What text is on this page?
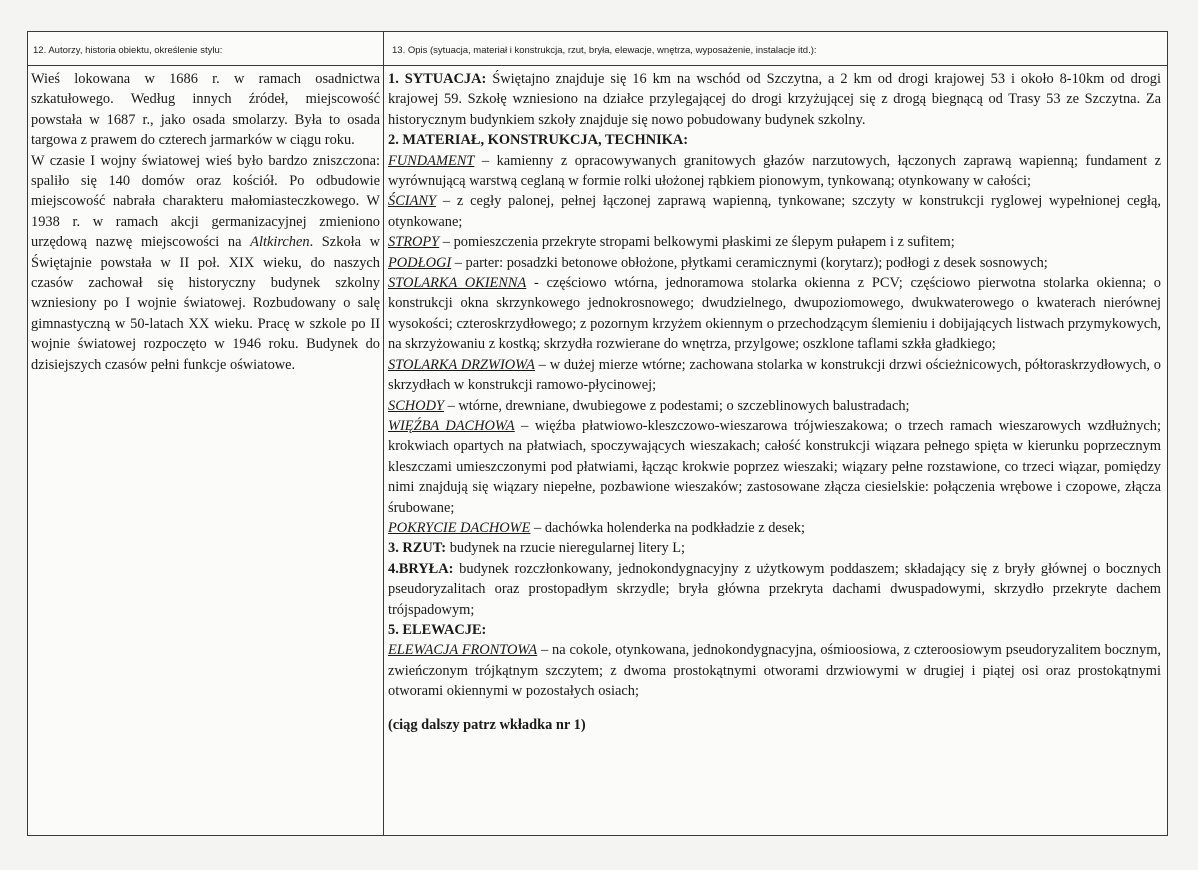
12. Autorzy, historia obiektu, określenie stylu:	13. Opis (sytuacja, materiał i konstrukcja, rzut, bryła, elewacje, wnętrza, wyposażenie, instalacje itd.):

Wieś lokowana w 1686 r. w ramach osadnictwa szkatułowego. Według innych źródeł, miejscowość powstała w 1687 r., jako osada smolarzy. Była to osada targowa z prawem do czterech jarmarków w ciągu roku.

W czasie I wojny światowej wieś było bardzo zniszczona: spaliło się 140 domów oraz kościół. Po odbudowie miejscowość nabrała charakteru małomiasteczkowego. W 1938 r. w ramach akcji germanizacyjnej zmieniono urzędową nazwę miejscowości na Altkirchen. Szkoła w Świętajnie powstała w II poł. XIX wieku, do naszych czasów zachował się historyczny budynek szkolny wzniesiony po I wojnie światowej. Rozbudowany o salę gimnastyczną w 50-latach XX wieku. Pracę w szkole po II wojnie światowej rozpoczęto w 1946 roku. Budynek do dzisiejszych czasów pełni funkcje oświatowe.

1. SYTUACJA: Świętajno znajduje się 16 km na wschód od Szczytna, a 2 km od drogi krajowej 53 i około 8-10km od drogi krajowej 59. Szkołę wzniesiono na działce przylegającej do drogi krzyżującej się z drogą biegnącą od Trasy 53 ze Szczytna. Za historycznym budynkiem szkoły znajduje się nowo pobudowany budynek szkolny.

2. MATERIAŁ, KONSTRUKCJA, TECHNIKA:

FUNDAMENT – kamienny z opracowywanych granitowych głazów narzutowych, łączonych zaprawą wapienną; fundament z wyrównującą warstwą ceglaną w formie rolki ułożonej rąbkiem pionowym, tynkowaną; otynkowany w całości;

ŚCIANY – z cegły palonej, pełnej łączonej zaprawą wapienną, tynkowane; szczyty w konstrukcji ryglowej wypełnionej cegłą, otynkowane;

STROPY – pomieszczenia przekryte stropami belkowymi płaskimi ze ślepym pułapem i z sufitem;

PODŁOGI – parter: posadzki betonowe obłożone, płytkami ceramicznymi (korytarz); podłogi z desek sosnowych;

STOLARKA OKIENNA - częściowo wtórna, jednoramowa stolarka okienna z PCV; częściowo pierwotna stolarka okienna; o konstrukcji okna skrzynkowego jednokrosnowego; dwudzielnego, dwupoziomowego, dwukwaterowego o kwaterach nierównej wysokości; czteroskrzydłowego; z pozornym krzyżem okiennym o przechodzącym ślemieniu i dobijających listwach przymykowych, na skrzyżowaniu z kostką; skrzydła rozwierane do wnętrza, przylgowe; oszklone taflami szkła gładkiego;

STOLARKA DRZWIOWA – w dużej mierze wtórne; zachowana stolarka w konstrukcji drzwi ościeżnicowych, półtoraskrzydłowych, o skrzydłach w konstrukcji ramowo-płycinowej;

SCHODY – wtórne, drewniane, dwubiegowe z podestami; o szczeblinowych balustradach;

WIĘŹBA DACHOWA – więźba płatwiowo-kleszczowo-wieszarowa trójwieszakowa; o trzech ramach wieszarowych wzdłużnych; krokwiach opartych na płatwiach, spoczywających wieszakach; całość konstrukcji wiązara pełnego spięta w kierunku poprzecznym kleszczami umieszczonymi pod płatwiami, łącząc krokwie poprzez wieszaki; wiązary pełne rozstawione, co trzeci wiązar, pomiędzy nimi znajdują się wiązary niepełne, pozbawione wieszaków; zastosowane złącza ciesielskie: połączenia wrębowe i czopowe, złącza śrubowane;

POKRYCIE DACHOWE – dachówka holenderka na podkładzie z desek;

3. RZUT: budynek na rzucie nieregularnej litery L;

4.BRYŁA: budynek rozczłonkowany, jednokondygnacyjny z użytkowym poddaszem; składający się z bryły głównej o bocznych pseudoryzalitach oraz prostopadłym skrzydle; bryła główna przekryta dachami dwuspadowymi, skrzydło przekryte dachem trójspadowym;

5. ELEWACJE:

ELEWACJA FRONTOWA – na cokole, otynkowana, jednokondygnacyjna, ośmioosiowa, z czteroosiowym pseudoryzalitem bocznym, zwieńczonym trójkątnym szczytem; z dwoma prostokątnymi otworami drzwiowymi w drugiej i piątej osi oraz prostokątnymi otworami okiennymi w pozostałych osiach;

(ciąg dalszy patrz wkładka nr 1)
